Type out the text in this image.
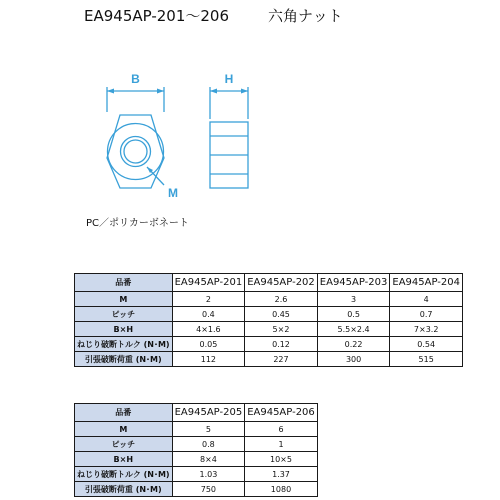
EA945AP-201～206	六角ナット
B	H
M
PC／ポリカーボネート
品番	EA945AP-201	EA945AP-202	EA945AP-203	EA945AP-204
M	2	2.6	3	4
ピッチ	0.4	0.45	0.5	0.7
B×H	4×1.6	5×2	5.5×2.4	7×3.2
ねじり破断トルク (N･M)	0.05	0.12	0.22	0.54
引張破断荷重 (N･M)	112	227	300	515
品番	EA945AP-205	EA945AP-206
M	5	6
ピッチ	0.8	1
B×H	8×4	10×5
ねじり破断トルク (N･M)	1.03	1.37
引張破断荷重 (N･M)	750	1080
